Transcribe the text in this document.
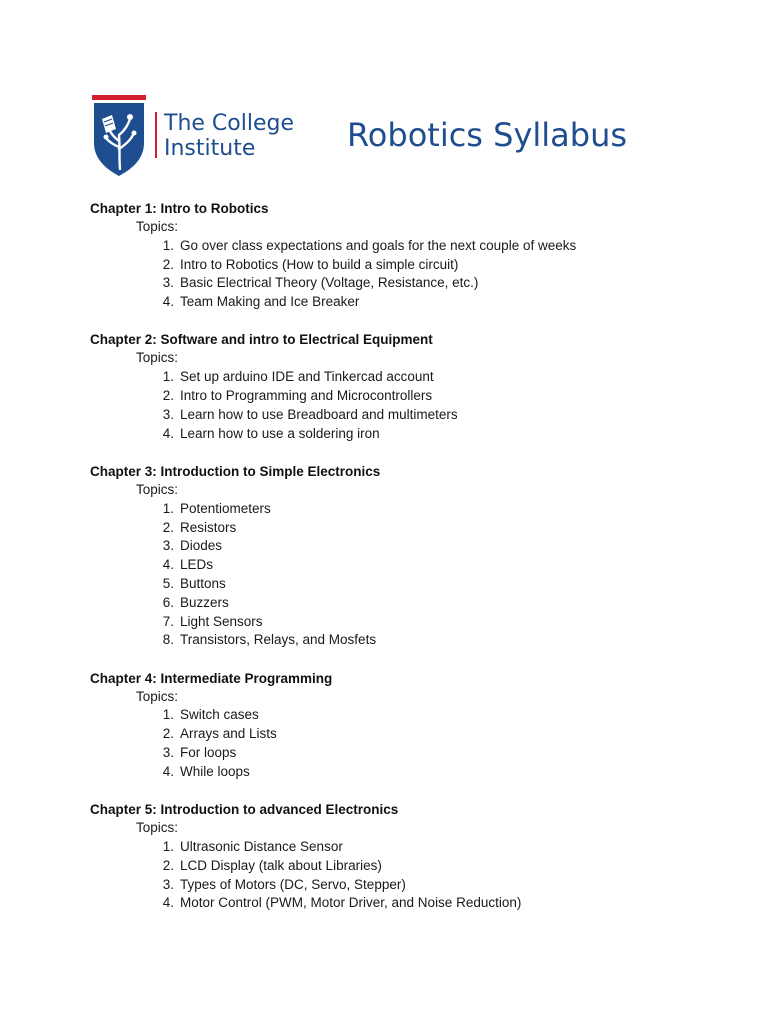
The College
Institute	Robotics Syllabus
Chapter 1: Intro to Robotics
Topics:
1. Go over class expectations and goals for the next couple of weeks
2. Intro to Robotics (How to build a simple circuit)
3. Basic Electrical Theory (Voltage, Resistance, etc.)
4. Team Making and Ice Breaker
Chapter 2: Software and intro to Electrical Equipment
Topics:
1. Set up arduino IDE and Tinkercad account
2. Intro to Programming and Microcontrollers
3. Learn how to use Breadboard and multimeters
4. Learn how to use a soldering iron
Chapter 3: Introduction to Simple Electronics
Topics:
1. Potentiometers
2. Resistors
3. Diodes
4. LEDs
5. Buttons
6. Buzzers
7. Light Sensors
8. Transistors, Relays, and Mosfets
Chapter 4: Intermediate Programming
Topics:
1. Switch cases
2. Arrays and Lists
3. For loops
4. While loops
Chapter 5: Introduction to advanced Electronics
Topics:
1. Ultrasonic Distance Sensor
2. LCD Display (talk about Libraries)
3. Types of Motors (DC, Servo, Stepper)
4. Motor Control (PWM, Motor Driver, and Noise Reduction)
